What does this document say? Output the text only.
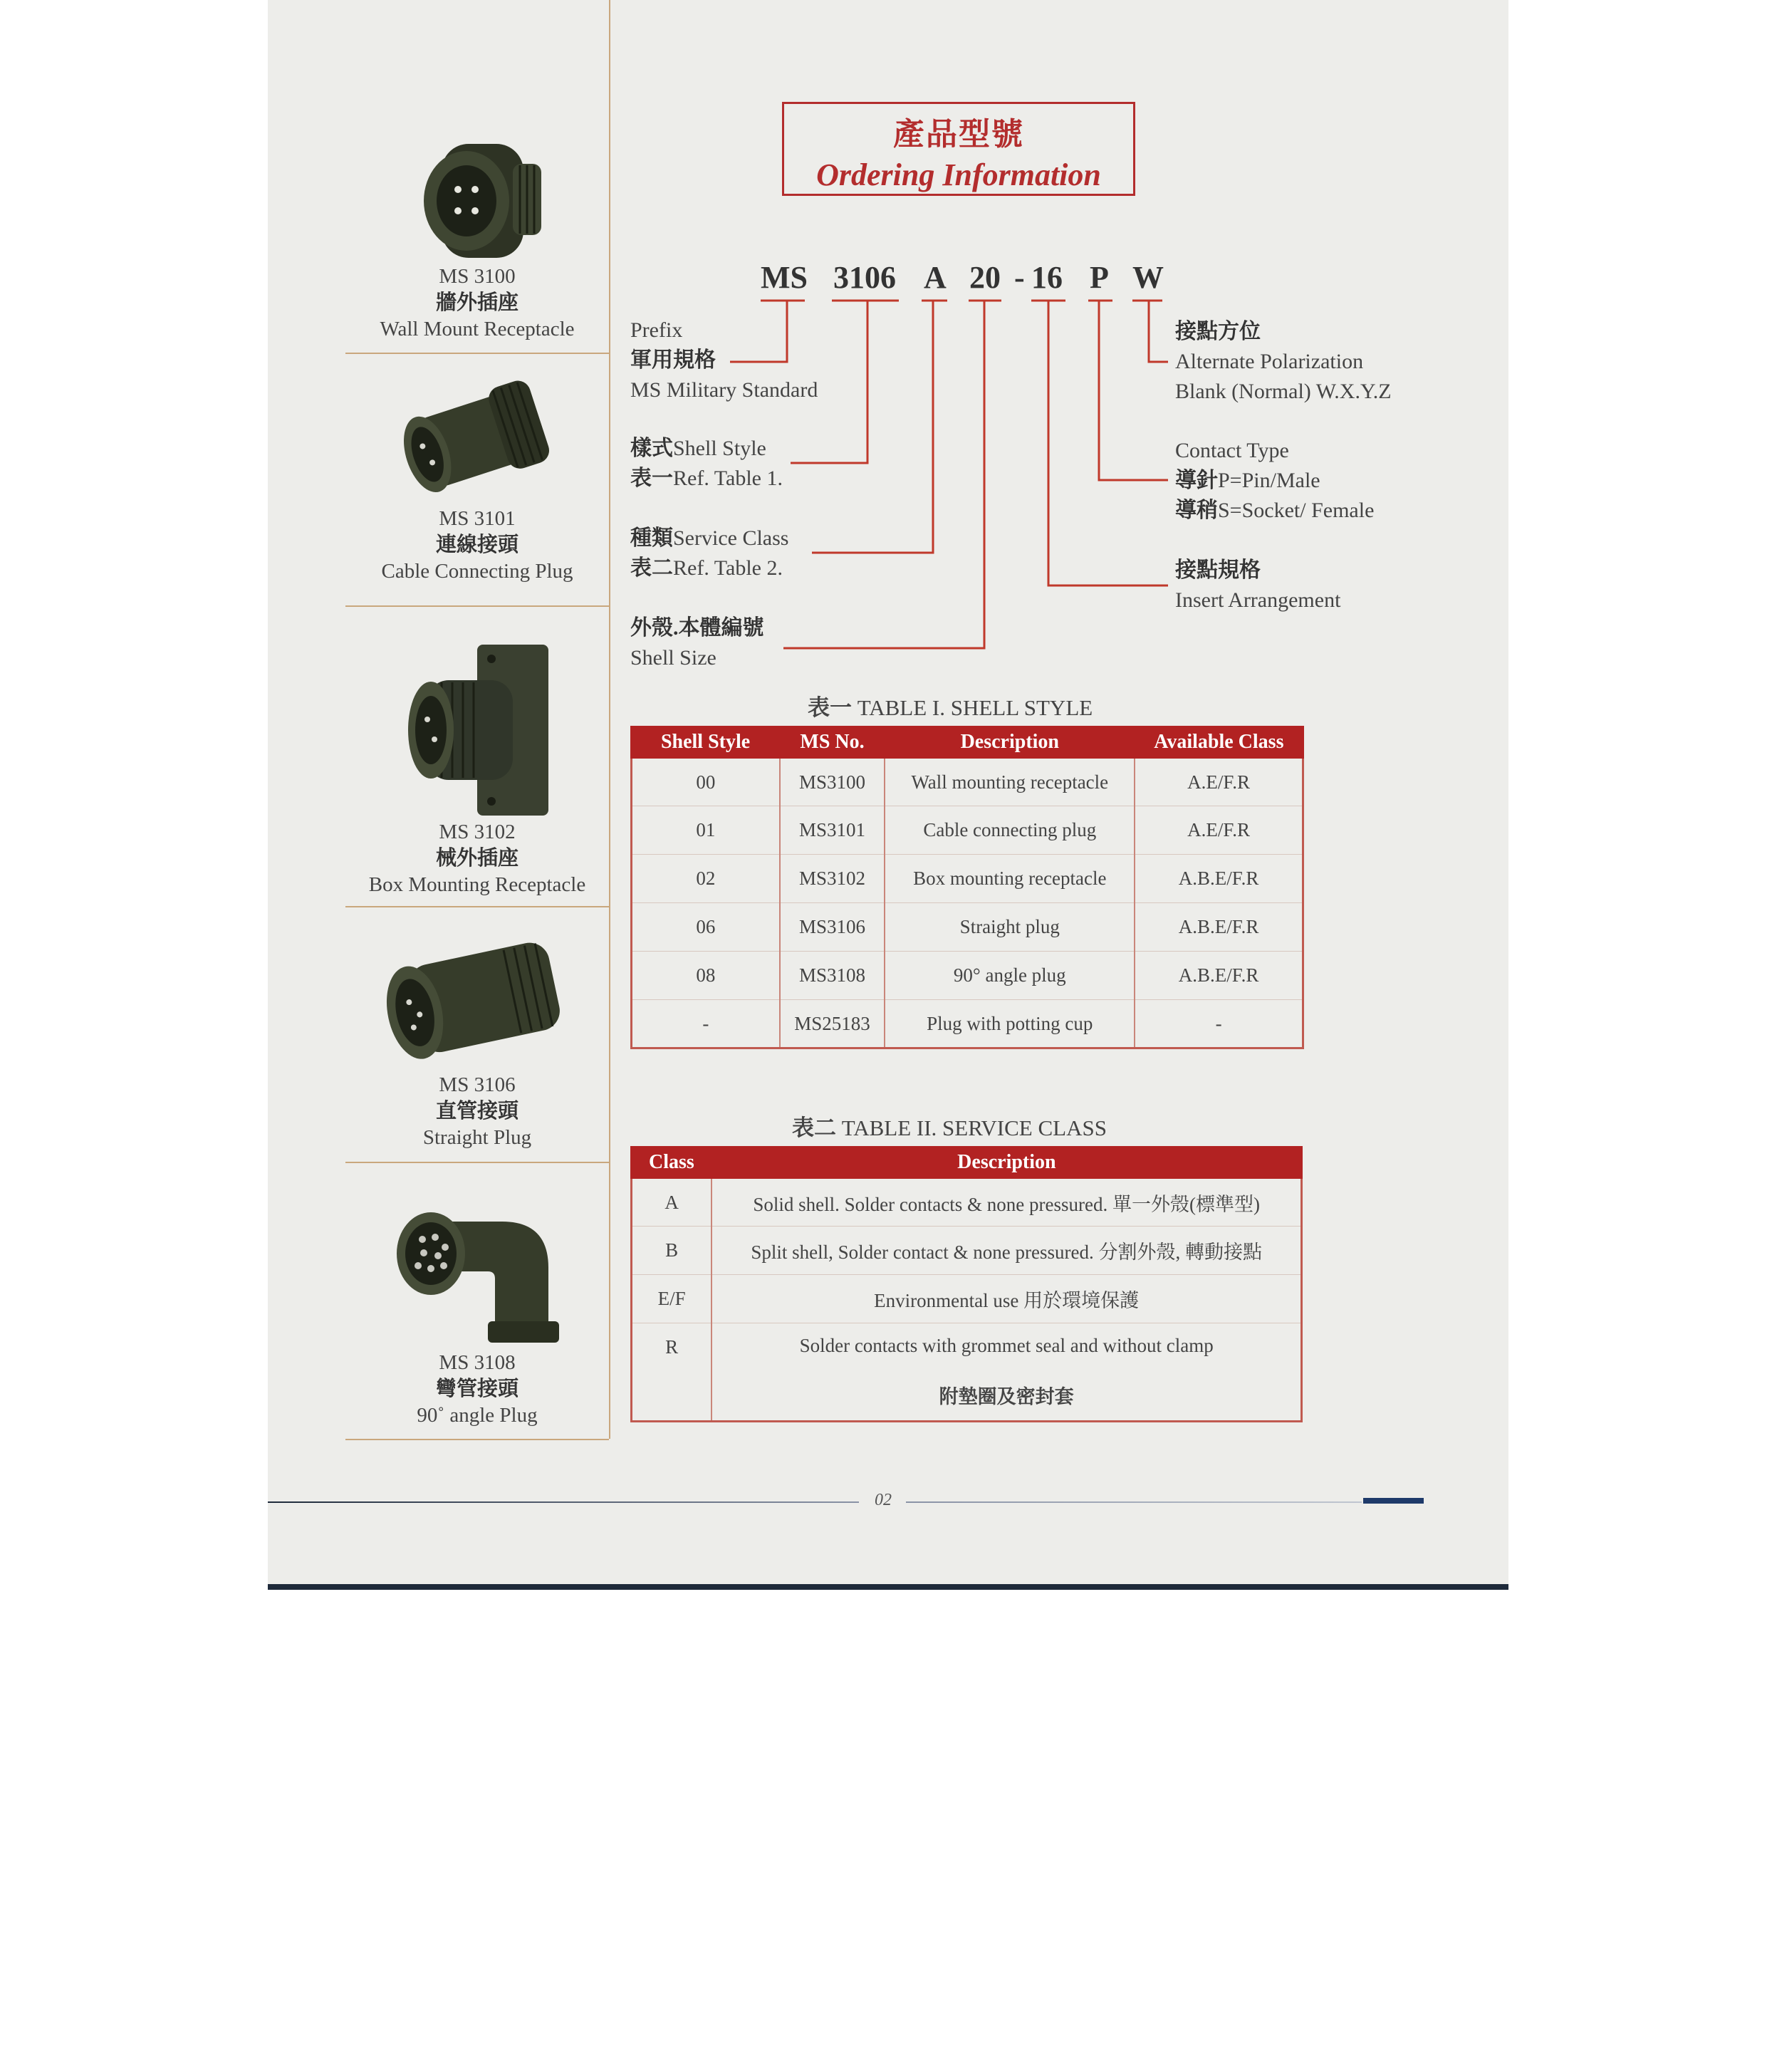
MS 3100
牆外插座
Wall Mount Receptacle
MS 3101
連線接頭
Cable Connecting Plug
MS 3102
械外插座
Box Mounting Receptacle
MS 3106
直管接頭
Straight Plug
MS 3108
彎管接頭
90˚ angle Plug
產品型號
Ordering Information
MS 3106 A 20 - 16 P W
Prefix
軍用規格
MS Military Standard
樣式Shell Style
表一Ref. Table 1.
種類Service Class
表二Ref. Table 2.
外殼.本體編號
Shell Size
接點方位
Alternate Polarization
Blank (Normal) W.X.Y.Z
Contact Type
導針P=Pin/Male
導稍S=Socket/ Female
接點規格
Insert Arrangement
表一 TABLE I. SHELL STYLE
Shell Style	MS No.	Description	Available Class
00	MS3100	Wall mounting receptacle	A.E/F.R
01	MS3101	Cable connecting plug	A.E/F.R
02	MS3102	Box mounting receptacle	A.B.E/F.R
06	MS3106	Straight plug	A.B.E/F.R
08	MS3108	90° angle plug	A.B.E/F.R
-	MS25183	Plug with potting cup	-
表二 TABLE II. SERVICE CLASS
Class	Description
A	Solid shell. Solder contacts & none pressured. 單一外殼(標準型)
B	Split shell, Solder contact & none pressured. 分割外殼, 轉動接點
E/F	Environmental use 用於環境保護
R	Solder contacts with grommet seal and without clamp
附墊圈及密封套
02
